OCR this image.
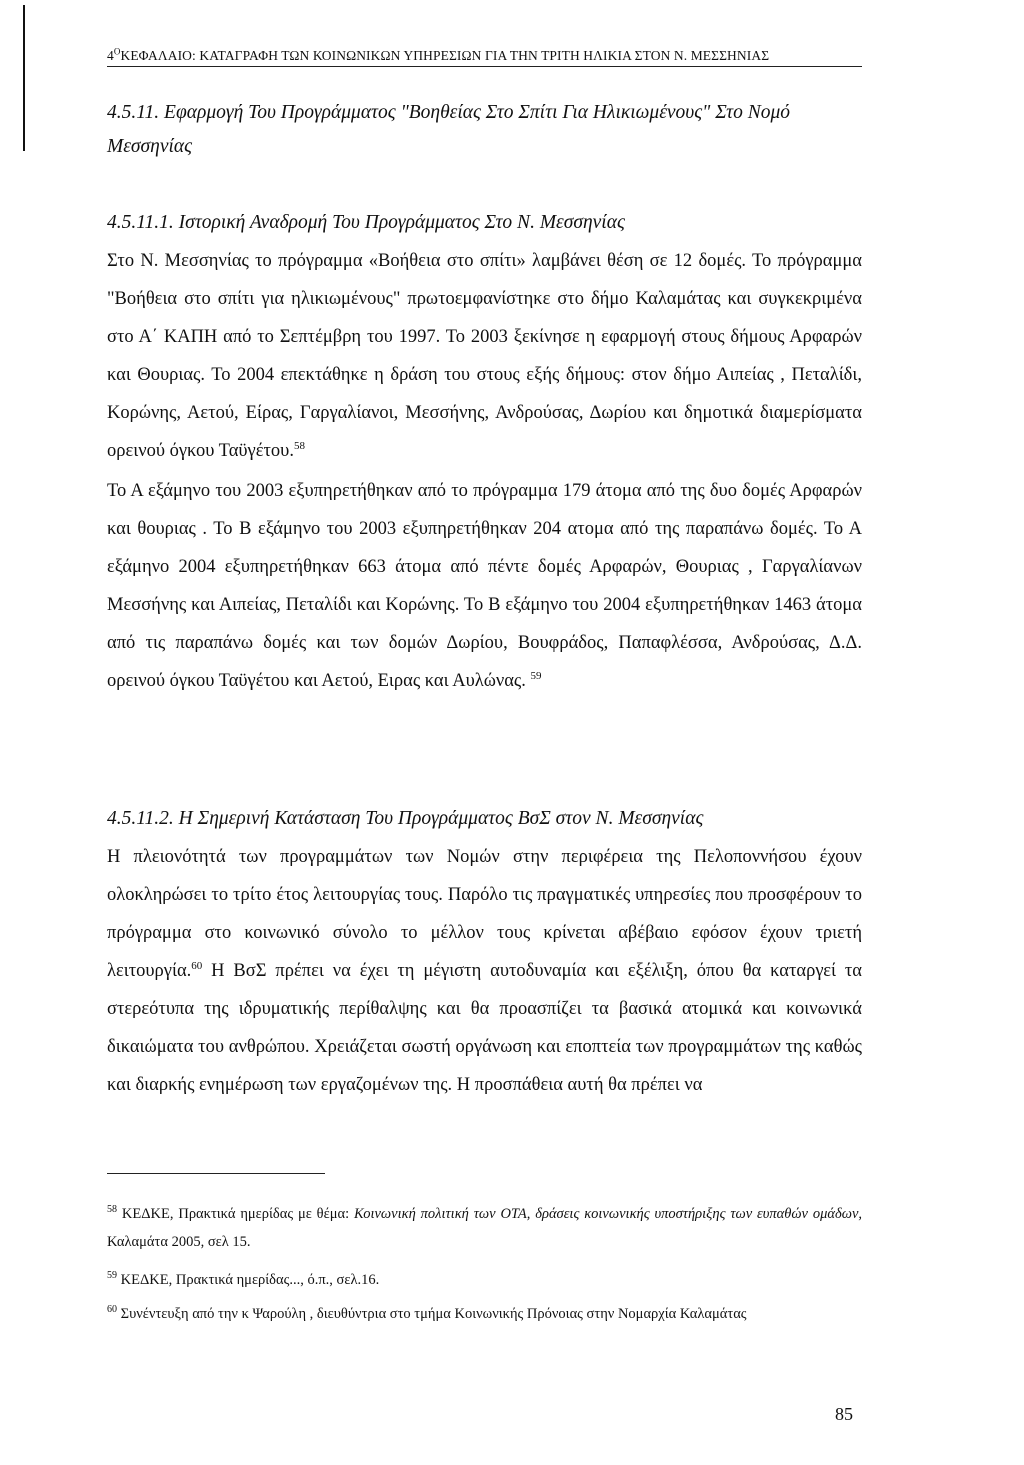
$4^OKE\Phi A\Lambda AIO$: ΚΑΤΑΓΡΑΦΗ ΤΩΝ ΚΟΙΝΩΝΙΚΩΝ ΥΠΗΡΕΣΙΩΝ ΓΙΑ ΤΗΝ ΤΡΙΤΗ ΗΛΙΚΙΑ ΣΤΟΝ Ν. ΜΕΣΣΗΝΙΑΣ
4.5.11. Εφαρμογή Του Προγράμματος "Βοηθείας Στο Σπίτι Για Ηλικιωμένους" Στο Νομό Μεσσηνίας
4.5.11.1. Ιστορική Αναδρομή Του Προγράμματος Στο Ν. Μεσσηνίας

Στο Ν. Μεσσηνίας το πρόγραμμα «Βοήθεια στο σπίτι» λαμβάνει θέση σε 12 δομές. Το πρόγραμμα "Βοήθεια στο σπίτι για ηλικιωμένους" πρωτοεμφανίστηκε στο δήμο Καλαμάτας και συγκεκριμένα στο Α΄ ΚΑΠΗ από το Σεπτέμβρη του 1997. Το 2003 ξεκίνησε η εφαρμογή στους δήμους Αρφαρών και Θουριας. Το 2004 επεκτάθηκε η δράση του στους εξής δήμους: στον δήμο Αιπείας , Πεταλίδι, Κορώνης, Αετού, Είρας, Γαργαλίανοι, Μεσσήνης, Ανδρούσας, Δωρίου και δημοτικά διαμερίσματα ορεινού όγκου Ταϋγέτου.$^{58}$

Το Α εξάμηνο του 2003 εξυπηρετήθηκαν από το πρόγραμμα 179 άτομα από της δυο δομές Αρφαρών και θουριας . Το Β εξάμηνο του 2003 εξυπηρετήθηκαν 204 ατομα από της παραπάνω δομές. Το Α εξάμηνο 2004 εξυπηρετήθηκαν 663 άτομα από πέντε δομές Αρφαρών, Θουριας , Γαργαλίανων Μεσσήνης και Αιπείας, Πεταλίδι και Κορώνης. Το Β εξάμηνο του 2004 εξυπηρετήθηκαν 1463 άτομα από τις παραπάνω δομές και των δομών Δωρίου, Βουφράδος, Παπαφλέσσα, Ανδρούσας, Δ.Δ. ορεινού όγκου Ταϋγέτου και Αετού, Ειρας και Αυλώνας. $^{59}$

4.5.11.2. Η Σημερινή Κατάσταση Του Προγράμματος ΒσΣ στον Ν. Μεσσηνίας

Η πλειονότητά των προγραμμάτων των Νομών στην περιφέρεια της Πελοποννήσου έχουν ολοκληρώσει το τρίτο έτος λειτουργίας τους. Παρόλο τις πραγματικές υπηρεσίες που προσφέρουν το πρόγραμμα στο κοινωνικό σύνολο το μέλλον τους κρίνεται αβέβαιο εφόσον έχουν τριετή λειτουργία.$^{60}$ Η ΒσΣ πρέπει να έχει τη μέγιστη αυτοδυναμία και εξέλιξη, όπου θα καταργεί τα στερεότυπα της ιδρυματικής περίθαλψης και θα προασπίζει τα βασικά ατομικά και κοινωνικά δικαιώματα του ανθρώπου. Χρειάζεται σωστή οργάνωση και εποπτεία των προγραμμάτων της καθώς και διαρκής ενημέρωση των εργαζομένων της. Η προσπάθεια αυτή θα πρέπει να

$^{58}$ ΚΕΔΚΕ, Πρακτικά ημερίδας με θέμα: Κοινωνική πολιτική των ΟΤΑ, δράσεις κοινωνικής υποστήριξης των ευπαθών ομάδων, Καλαμάτα 2005, σελ 15.
$^{59}$ ΚΕΔΚΕ, Πρακτικά ημερίδας..., ό.π., σελ.16.
$^{60}$ Συνέντευξη από την κ Ψαρούλη , διευθύντρια στο τμήμα Κοινωνικής Πρόνοιας στην Νομαρχία Καλαμάτας
85
